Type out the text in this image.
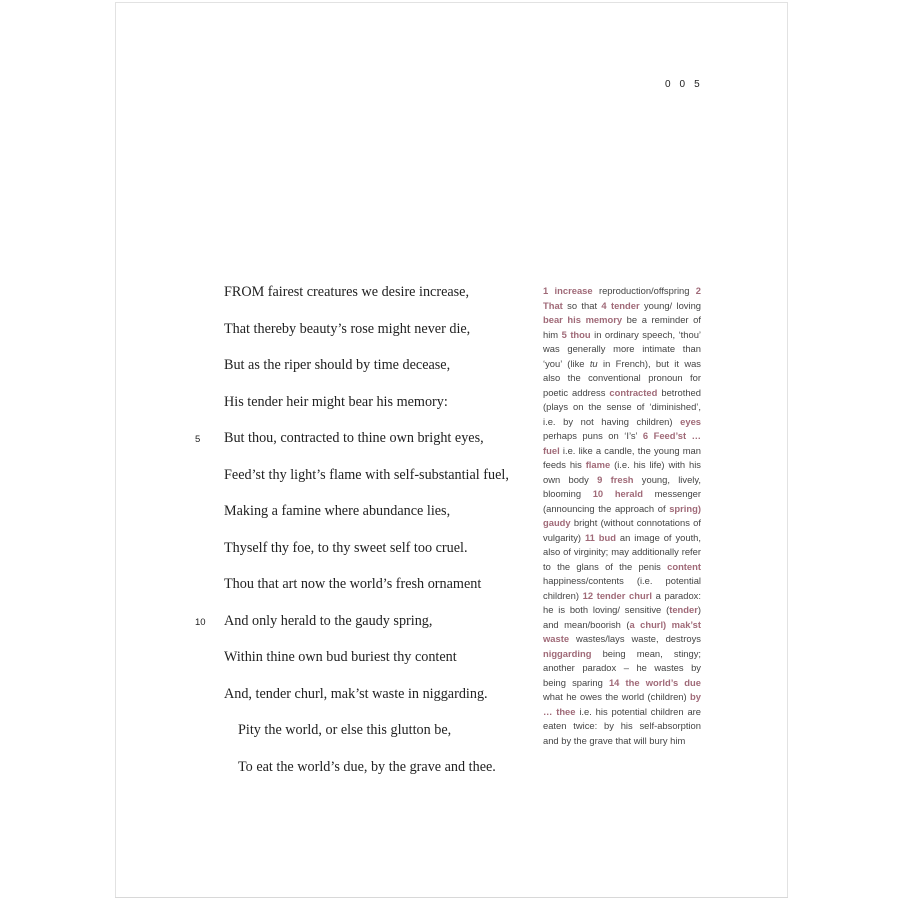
005
FROM fairest creatures we desire increase,
That thereby beauty’s rose might never die,
But as the riper should by time decease,
His tender heir might bear his memory:
5 But thou, contracted to thine own bright eyes,
Feed’st thy light’s flame with self-substantial fuel,
Making a famine where abundance lies,
Thyself thy foe, to thy sweet self too cruel.
Thou that art now the world’s fresh ornament
10 And only herald to the gaudy spring,
Within thine own bud buriest thy content
And, tender churl, mak’st waste in niggarding.
Pity the world, or else this glutton be,
To eat the world’s due, by the grave and thee.
1 increase reproduction/offspring 2 That so that 4 tender young/ loving bear his memory be a reminder of him 5 thou in ordinary speech, ‘thou’ was generally more intimate than ‘you’ (like tu in French), but it was also the conventional pronoun for poetic address contracted betrothed (plays on the sense of ‘diminished’, i.e. by not having children) eyes perhaps puns on ‘I’s’ 6 Feed’st … fuel i.e. like a candle, the young man feeds his flame (i.e. his life) with his own body 9 fresh young, lively, blooming 10 herald messenger (announcing the approach of spring) gaudy bright (without connotations of vulgarity) 11 bud an image of youth, also of virginity; may additionally refer to the glans of the penis content happiness/contents (i.e. potential children) 12 tender churl a paradox: he is both loving/ sensitive (tender) and mean/boorish (a churl) mak’st waste wastes/lays waste, destroys niggarding being mean, stingy; another paradox – he wastes by being sparing 14 the world’s due what he owes the world (children) by … thee i.e. his potential children are eaten twice: by his self-absorption and by the grave that will bury him
